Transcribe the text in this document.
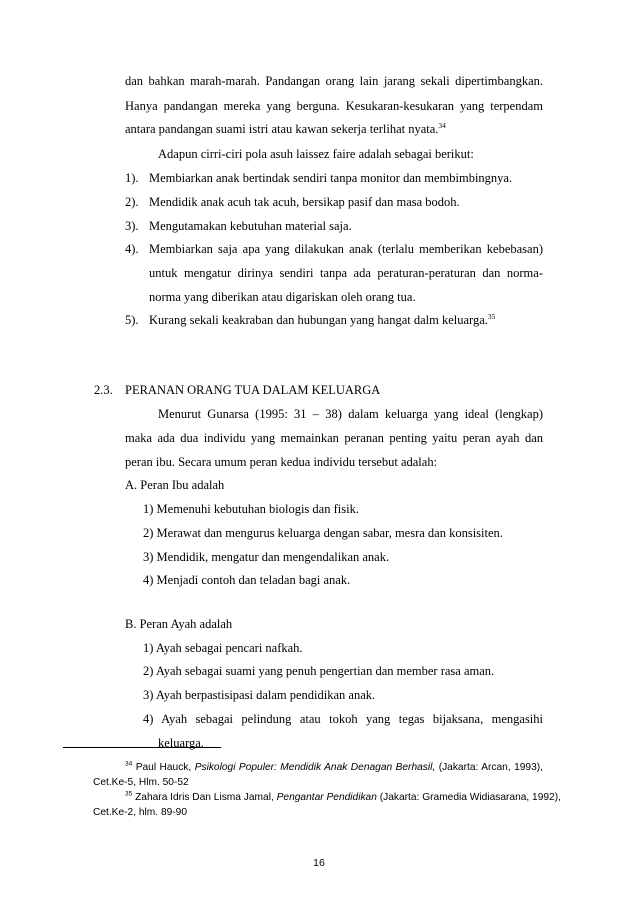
dan bahkan marah-marah. Pandangan orang lain jarang sekali dipertimbangkan.
Hanya pandangan mereka yang berguna. Kesukaran-kesukaran yang terpendam
antara pandangan suami istri atau kawan sekerja terlihat nyata.$^{34}$
Adapun cirri-ciri pola asuh laissez faire adalah sebagai berikut:
1). Membiarkan anak bertindak sendiri tanpa monitor dan membimbingnya.
2). Mendidik anak acuh tak acuh, bersikap pasif dan masa bodoh.
3). Mengutamakan kebutuhan material saja.
4). Membiarkan saja apa yang dilakukan anak (terlalu memberikan kebebasan)
untuk mengatur dirinya sendiri tanpa ada peraturan-peraturan dan norma-
norma yang diberikan atau digariskan oleh orang tua.
5). Kurang sekali keakraban dan hubungan yang hangat dalm keluarga.$^{35}$
2.3. PERANAN ORANG TUA DALAM KELUARGA
Menurut Gunarsa (1995: 31 – 38) dalam keluarga yang ideal (lengkap)
maka ada dua individu yang memainkan peranan penting yaitu peran ayah dan
peran ibu. Secara umum peran kedua individu tersebut adalah:
A. Peran Ibu adalah
1) Memenuhi kebutuhan biologis dan fisik.
2) Merawat dan mengurus keluarga dengan sabar, mesra dan konsisiten.
3) Mendidik, mengatur dan mengendalikan anak.
4) Menjadi contoh dan teladan bagi anak.
B. Peran Ayah adalah
1) Ayah sebagai pencari nafkah.
2) Ayah sebagai suami yang penuh pengertian dan member rasa aman.
3) Ayah berpastisipasi dalam pendidikan anak.
4) Ayah sebagai pelindung atau tokoh yang tegas bijaksana, mengasihi
keluarga.
$^{34}$ Paul Hauck, Psikologi Populer: Mendidik Anak Denagan Berhasil, (Jakarta: Arcan, 1993),
Cet.Ke-5, Hlm. 50-52
$^{35}$ Zahara Idris Dan Lisma Jamal, Pengantar Pendidikan (Jakarta: Gramedia Widiasarana, 1992),
Cet.Ke-2, hlm. 89-90
16
